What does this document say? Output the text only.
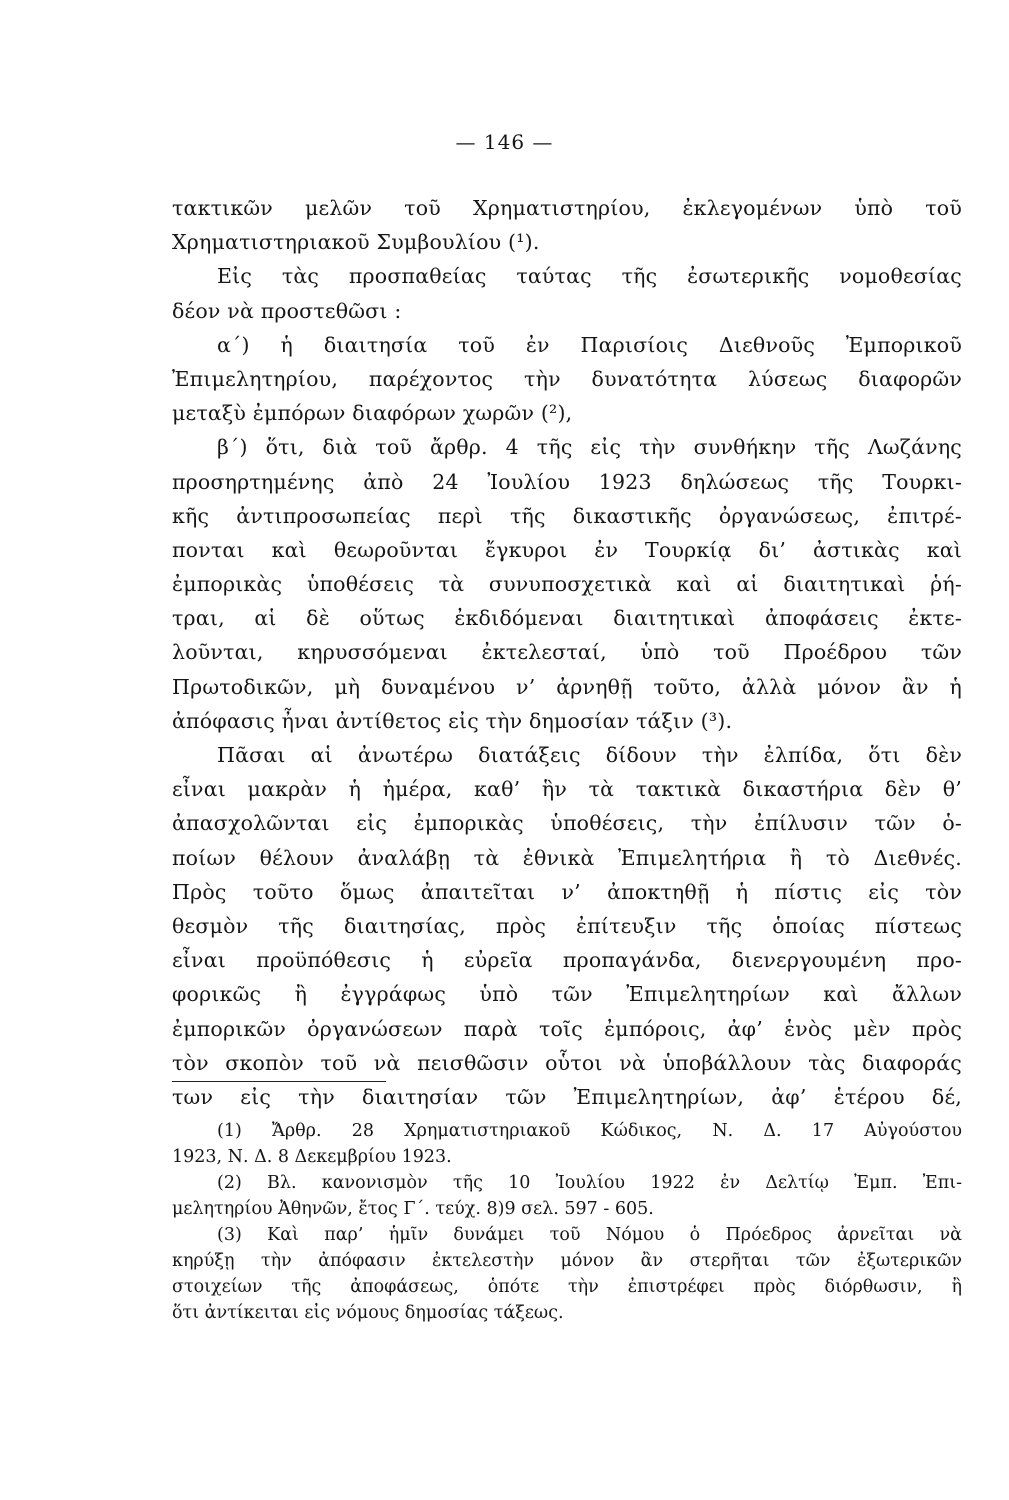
— 146 —
τακτικῶν μελῶν τοῦ Χρηματιστηρίου, ἐκλεγομένων ὑπὸ τοῦ
Χρηματιστηριακοῦ Συμβουλίου (¹).
Εἰς τὰς προσπαθείας ταύτας τῆς ἐσωτερικῆς νομοθεσίας
δέον νὰ προστεθῶσι :
α΄) ἡ διαιτησία τοῦ ἐν Παρισίοις Διεθνοῦς Ἐμπορικοῦ
Ἐπιμελητηρίου, παρέχοντος τὴν δυνατότητα λύσεως διαφορῶν
μεταξὺ ἐμπόρων διαφόρων χωρῶν (²),
β΄) ὅτι, διὰ τοῦ ἄρθρ. 4 τῆς εἰς τὴν συνθήκην τῆς Λωζάνης
προσηρτημένης ἀπὸ 24 Ἰουλίου 1923 δηλώσεως τῆς Τουρκι-
κῆς ἀντιπροσωπείας περὶ τῆς δικαστικῆς ὀργανώσεως, ἐπιτρέ-
πονται καὶ θεωροῦνται ἔγκυροι ἐν Τουρκίᾳ δι’ ἀστικὰς καὶ
ἐμπορικὰς ὑποθέσεις τὰ συνυποσχετικὰ καὶ αἱ διαιτητικαὶ ῥή-
τραι, αἱ δὲ οὕτως ἐκδιδόμεναι διαιτητικαὶ ἀποφάσεις ἐκτε-
λοῦνται, κηρυσσόμεναι ἐκτελεσταί, ὑπὸ τοῦ Προέδρου τῶν
Πρωτοδικῶν, μὴ δυναμένου ν’ ἀρνηθῇ τοῦτο, ἀλλὰ μόνον ἂν ἡ
ἀπόφασις ἦναι ἀντίθετος εἰς τὴν δημοσίαν τάξιν (³).
Πᾶσαι αἱ ἀνωτέρω διατάξεις δίδουν τὴν ἐλπίδα, ὅτι δὲν
εἶναι μακρὰν ἡ ἡμέρα, καθ’ ἣν τὰ τακτικὰ δικαστήρια δὲν θ’
ἀπασχολῶνται εἰς ἐμπορικὰς ὑποθέσεις, τὴν ἐπίλυσιν τῶν ὁ-
ποίων θέλουν ἀναλάβῃ τὰ ἐθνικὰ Ἐπιμελητήρια ἢ τὸ Διεθνές.
Πρὸς τοῦτο ὅμως ἀπαιτεῖται ν’ ἀποκτηθῇ ἡ πίστις εἰς τὸν
θεσμὸν τῆς διαιτησίας, πρὸς ἐπίτευξιν τῆς ὁποίας πίστεως
εἶναι προϋπόθεσις ἡ εὐρεῖα προπαγάνδα, διενεργουμένη προ-
φορικῶς ἢ ἐγγράφως ὑπὸ τῶν Ἐπιμελητηρίων καὶ ἄλλων
ἐμπορικῶν ὀργανώσεων παρὰ τοῖς ἐμπόροις, ἀφ’ ἑνὸς μὲν πρὸς
τὸν σκοπὸν τοῦ νὰ πεισθῶσιν οὗτοι νὰ ὑποβάλλουν τὰς διαφοράς
των εἰς τὴν διαιτησίαν τῶν Ἐπιμελητηρίων, ἀφ’ ἑτέρου δέ,
(1) Ἄρθρ. 28 Χρηματιστηριακοῦ Κώδικος, Ν. Δ. 17 Αὐγούστου
1923, Ν. Δ. 8 Δεκεμβρίου 1923.
(2) Βλ. κανονισμὸν τῆς 10 Ἰουλίου 1922 ἐν Δελτίῳ Ἐμπ. Ἐπι-
μελητηρίου Ἀθηνῶν, ἔτος Γ΄. τεύχ. 8)9 σελ. 597 - 605.
(3) Καὶ παρ’ ἡμῖν δυνάμει τοῦ Νόμου ὁ Πρόεδρος ἀρνεῖται νὰ
κηρύξῃ τὴν ἀπόφασιν ἐκτελεστὴν μόνον ἂν στερῆται τῶν ἐξωτερικῶν
στοιχείων τῆς ἀποφάσεως, ὁπότε τὴν ἐπιστρέφει πρὸς διόρθωσιν, ἢ
ὅτι ἀντίκειται εἰς νόμους δημοσίας τάξεως.
